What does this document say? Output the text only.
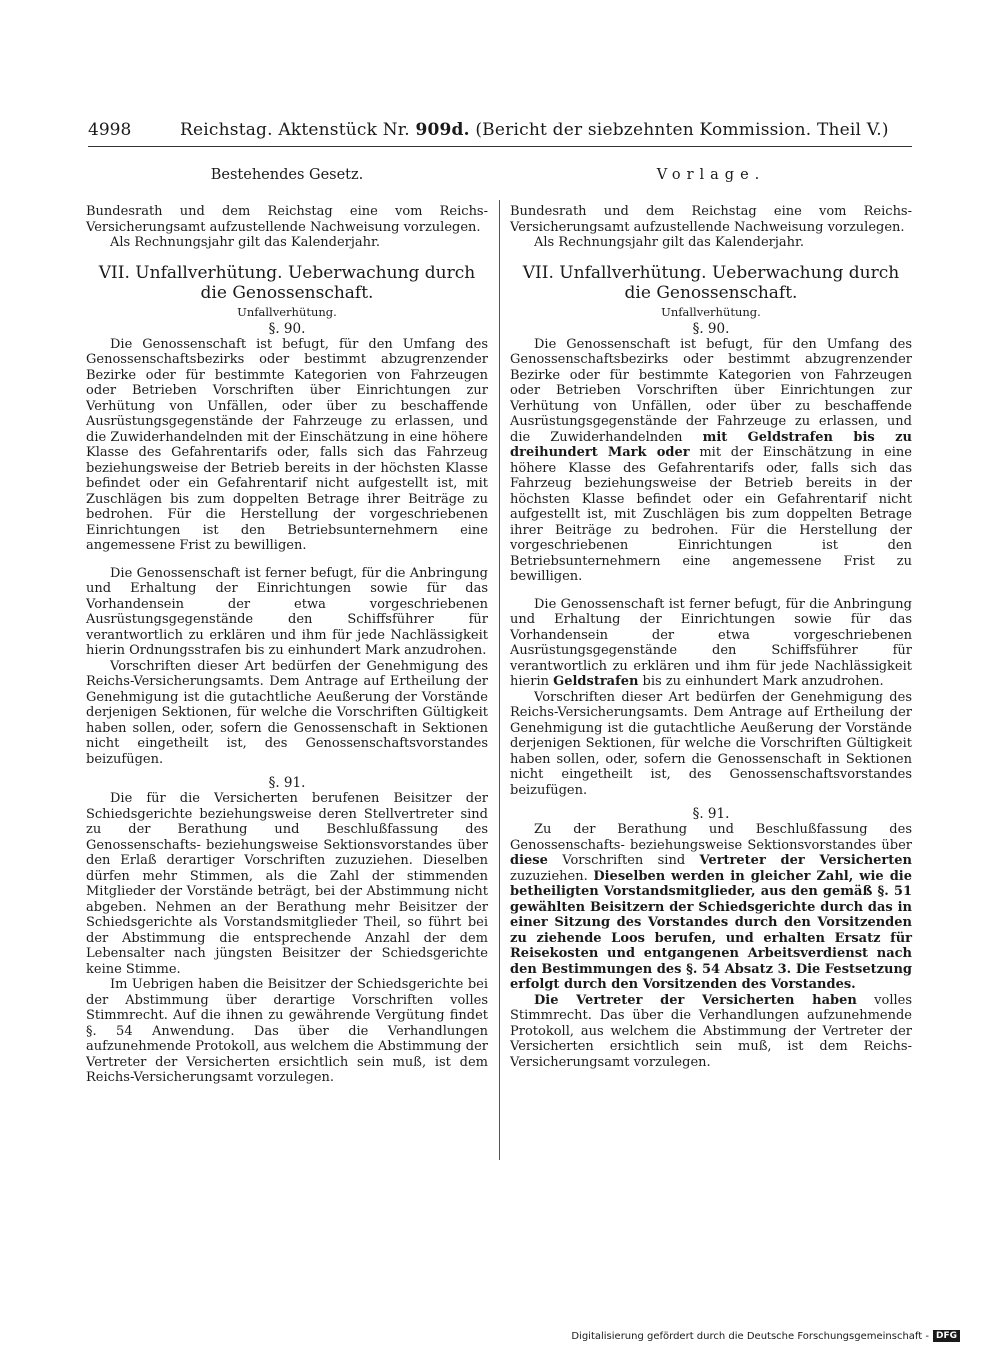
4998	Reichstag. Aktenstück Nr. 909d. (Bericht der siebzehnten Kommission. Theil V.)
Bestehendes Gesetz.

Bundesrath und dem Reichstag eine vom Reichs-Versicherungsamt aufzustellende Nachweisung vorzulegen.

Als Rechnungsjahr gilt das Kalenderjahr.

VII. Unfallverhütung. Ueberwachung durch die Genossenschaft.
Unfallverhütung.
§. 90.

Die Genossenschaft ist befugt, für den Umfang des Genossenschaftsbezirks oder bestimmt abzugrenzender Bezirke oder für bestimmte Kategorien von Fahrzeugen oder Betrieben Vorschriften über Einrichtungen zur Verhütung von Unfällen, oder über zu beschaffende Ausrüstungsgegenstände der Fahrzeuge zu erlassen, und die Zuwiderhandelnden mit der Einschätzung in eine höhere Klasse des Gefahrentarifs oder, falls sich das Fahrzeug beziehungsweise der Betrieb bereits in der höchsten Klasse befindet oder ein Gefahrentarif nicht aufgestellt ist, mit Zuschlägen bis zum doppelten Betrage ihrer Beiträge zu bedrohen. Für die Herstellung der vorgeschriebenen Einrichtungen ist den Betriebsunternehmern eine angemessene Frist zu bewilligen.

Die Genossenschaft ist ferner befugt, für die Anbringung und Erhaltung der Einrichtungen sowie für das Vorhandensein der etwa vorgeschriebenen Ausrüstungsgegenstände den Schiffsführer für verantwortlich zu erklären und ihm für jede Nachlässigkeit hierin Ordnungsstrafen bis zu einhundert Mark anzudrohen.

Vorschriften dieser Art bedürfen der Genehmigung des Reichs-Versicherungsamts. Dem Antrage auf Ertheilung der Genehmigung ist die gutachtliche Aeußerung der Vorstände derjenigen Sektionen, für welche die Vorschriften Gültigkeit haben sollen, oder, sofern die Genossenschaft in Sektionen nicht eingetheilt ist, des Genossenschaftsvorstandes beizufügen.

§. 91.

Die für die Versicherten berufenen Beisitzer der Schiedsgerichte beziehungsweise deren Stellvertreter sind zu der Berathung und Beschlußfassung des Genossenschafts- beziehungsweise Sektionsvorstandes über den Erlaß derartiger Vorschriften zuzuziehen. Dieselben dürfen mehr Stimmen, als die Zahl der stimmenden Mitglieder der Vorstände beträgt, bei der Abstimmung nicht abgeben. Nehmen an der Berathung mehr Beisitzer der Schiedsgerichte als Vorstandsmitglieder Theil, so führt bei der Abstimmung die entsprechende Anzahl der dem Lebensalter nach jüngsten Beisitzer der Schiedsgerichte keine Stimme.

Im Uebrigen haben die Beisitzer der Schiedsgerichte bei der Abstimmung über derartige Vorschriften volles Stimmrecht. Auf die ihnen zu gewährende Vergütung findet §. 54 Anwendung. Das über die Verhandlungen aufzunehmende Protokoll, aus welchem die Abstimmung der Vertreter der Versicherten ersichtlich sein muß, ist dem Reichs-Versicherungsamt vorzulegen.

Vorlage.

Bundesrath und dem Reichstag eine vom Reichs-Versicherungsamt aufzustellende Nachweisung vorzulegen.

Als Rechnungsjahr gilt das Kalenderjahr.

VII. Unfallverhütung. Ueberwachung durch die Genossenschaft.
Unfallverhütung.
§. 90.

Die Genossenschaft ist befugt, für den Umfang des Genossenschaftsbezirks oder bestimmt abzugrenzender Bezirke oder für bestimmte Kategorien von Fahrzeugen oder Betrieben Vorschriften über Einrichtungen zur Verhütung von Unfällen, oder über zu beschaffende Ausrüstungsgegenstände der Fahrzeuge zu erlassen, und die Zuwiderhandelnden mit Geldstrafen bis zu dreihundert Mark oder mit der Einschätzung in eine höhere Klasse des Gefahrentarifs oder, falls sich das Fahrzeug beziehungsweise der Betrieb bereits in der höchsten Klasse befindet oder ein Gefahrentarif nicht aufgestellt ist, mit Zuschlägen bis zum doppelten Betrage ihrer Beiträge zu bedrohen. Für die Herstellung der vorgeschriebenen Einrichtungen ist den Betriebsunternehmern eine angemessene Frist zu bewilligen.

Die Genossenschaft ist ferner befugt, für die Anbringung und Erhaltung der Einrichtungen sowie für das Vorhandensein der etwa vorgeschriebenen Ausrüstungsgegenstände den Schiffsführer für verantwortlich zu erklären und ihm für jede Nachlässigkeit hierin Geldstrafen bis zu einhundert Mark anzudrohen.

Vorschriften dieser Art bedürfen der Genehmigung des Reichs-Versicherungsamts. Dem Antrage auf Ertheilung der Genehmigung ist die gutachtliche Aeußerung der Vorstände derjenigen Sektionen, für welche die Vorschriften Gültigkeit haben sollen, oder, sofern die Genossenschaft in Sektionen nicht eingetheilt ist, des Genossenschaftsvorstandes beizufügen.

§. 91.

Zu der Berathung und Beschlußfassung des Genossenschafts- beziehungsweise Sektionsvorstandes über diese Vorschriften sind Vertreter der Versicherten zuzuziehen. Dieselben werden in gleicher Zahl, wie die betheiligten Vorstandsmitglieder, aus den gemäß §. 51 gewählten Beisitzern der Schiedsgerichte durch das in einer Sitzung des Vorstandes durch den Vorsitzenden zu ziehende Loos berufen, und erhalten Ersatz für Reisekosten und entgangenen Arbeitsverdienst nach den Bestimmungen des §. 54 Absatz 3. Die Festsetzung erfolgt durch den Vorsitzenden des Vorstandes.

Die Vertreter der Versicherten haben volles Stimmrecht. Das über die Verhandlungen aufzunehmende Protokoll, aus welchem die Abstimmung der Vertreter der Versicherten ersichtlich sein muß, ist dem Reichs-Versicherungsamt vorzulegen.

Digitalisierung gefördert durch die Deutsche Forschungsgemeinschaft - DFG
